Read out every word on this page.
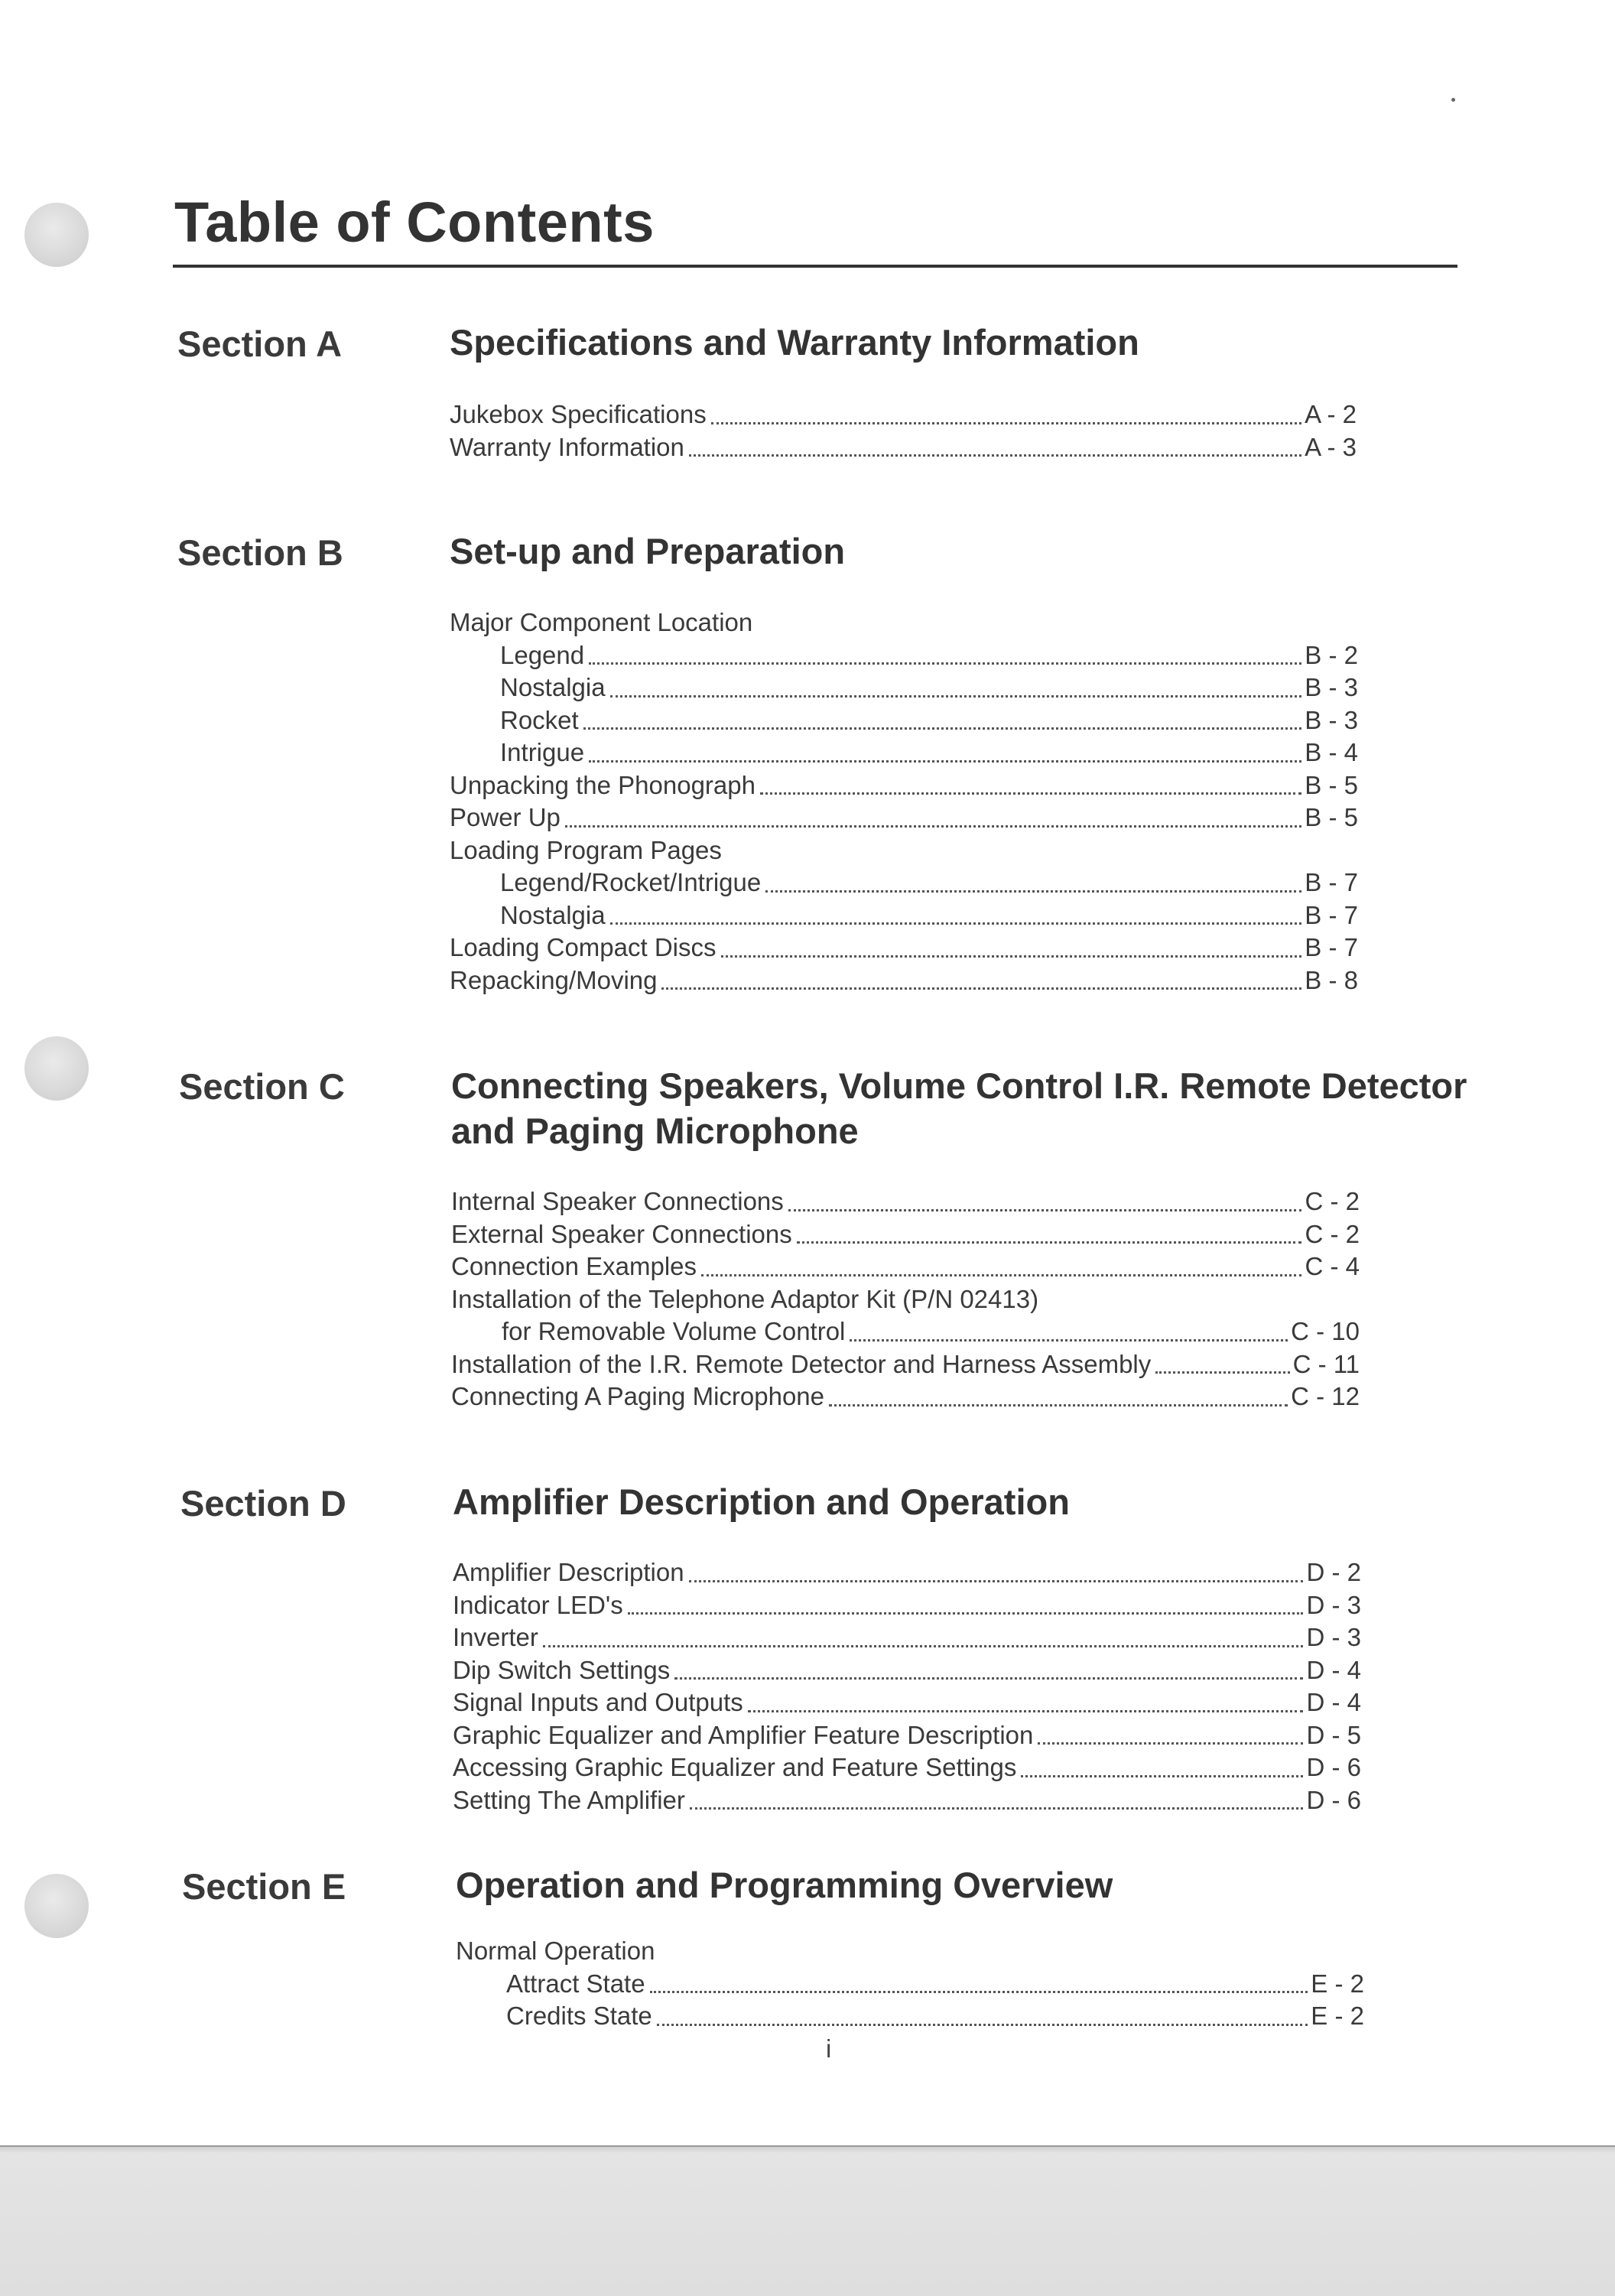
Table of Contents
Section A	Specifications and Warranty Information
Jukebox Specifications	A - 2
Warranty Information	A - 3
Section B	Set-up and Preparation
Major Component Location
Legend	B - 2
Nostalgia	B - 3
Rocket	B - 3
Intrigue	B - 4
Unpacking the Phonograph	B - 5
Power Up	B - 5
Loading Program Pages
Legend/Rocket/Intrigue	B - 7
Nostalgia	B - 7
Loading Compact Discs	B - 7
Repacking/Moving	B - 8
Section C	Connecting Speakers, Volume Control I.R. Remote Detector and Paging Microphone
Internal Speaker Connections	C - 2
External Speaker Connections	C - 2
Connection Examples	C - 4
Installation of the Telephone Adaptor Kit (P/N 02413)
for Removable Volume Control	C - 10
Installation of the I.R. Remote Detector and Harness Assembly	C - 11
Connecting A Paging Microphone	C - 12
Section D	Amplifier Description and Operation
Amplifier Description	D - 2
Indicator LED's	D - 3
Inverter	D - 3
Dip Switch Settings	D - 4
Signal Inputs and Outputs	D - 4
Graphic Equalizer and Amplifier Feature Description	D - 5
Accessing Graphic Equalizer and Feature Settings	D - 6
Setting The Amplifier	D - 6
Section E	Operation and Programming Overview
Normal Operation
Attract State	E - 2
Credits State	E - 2

i
